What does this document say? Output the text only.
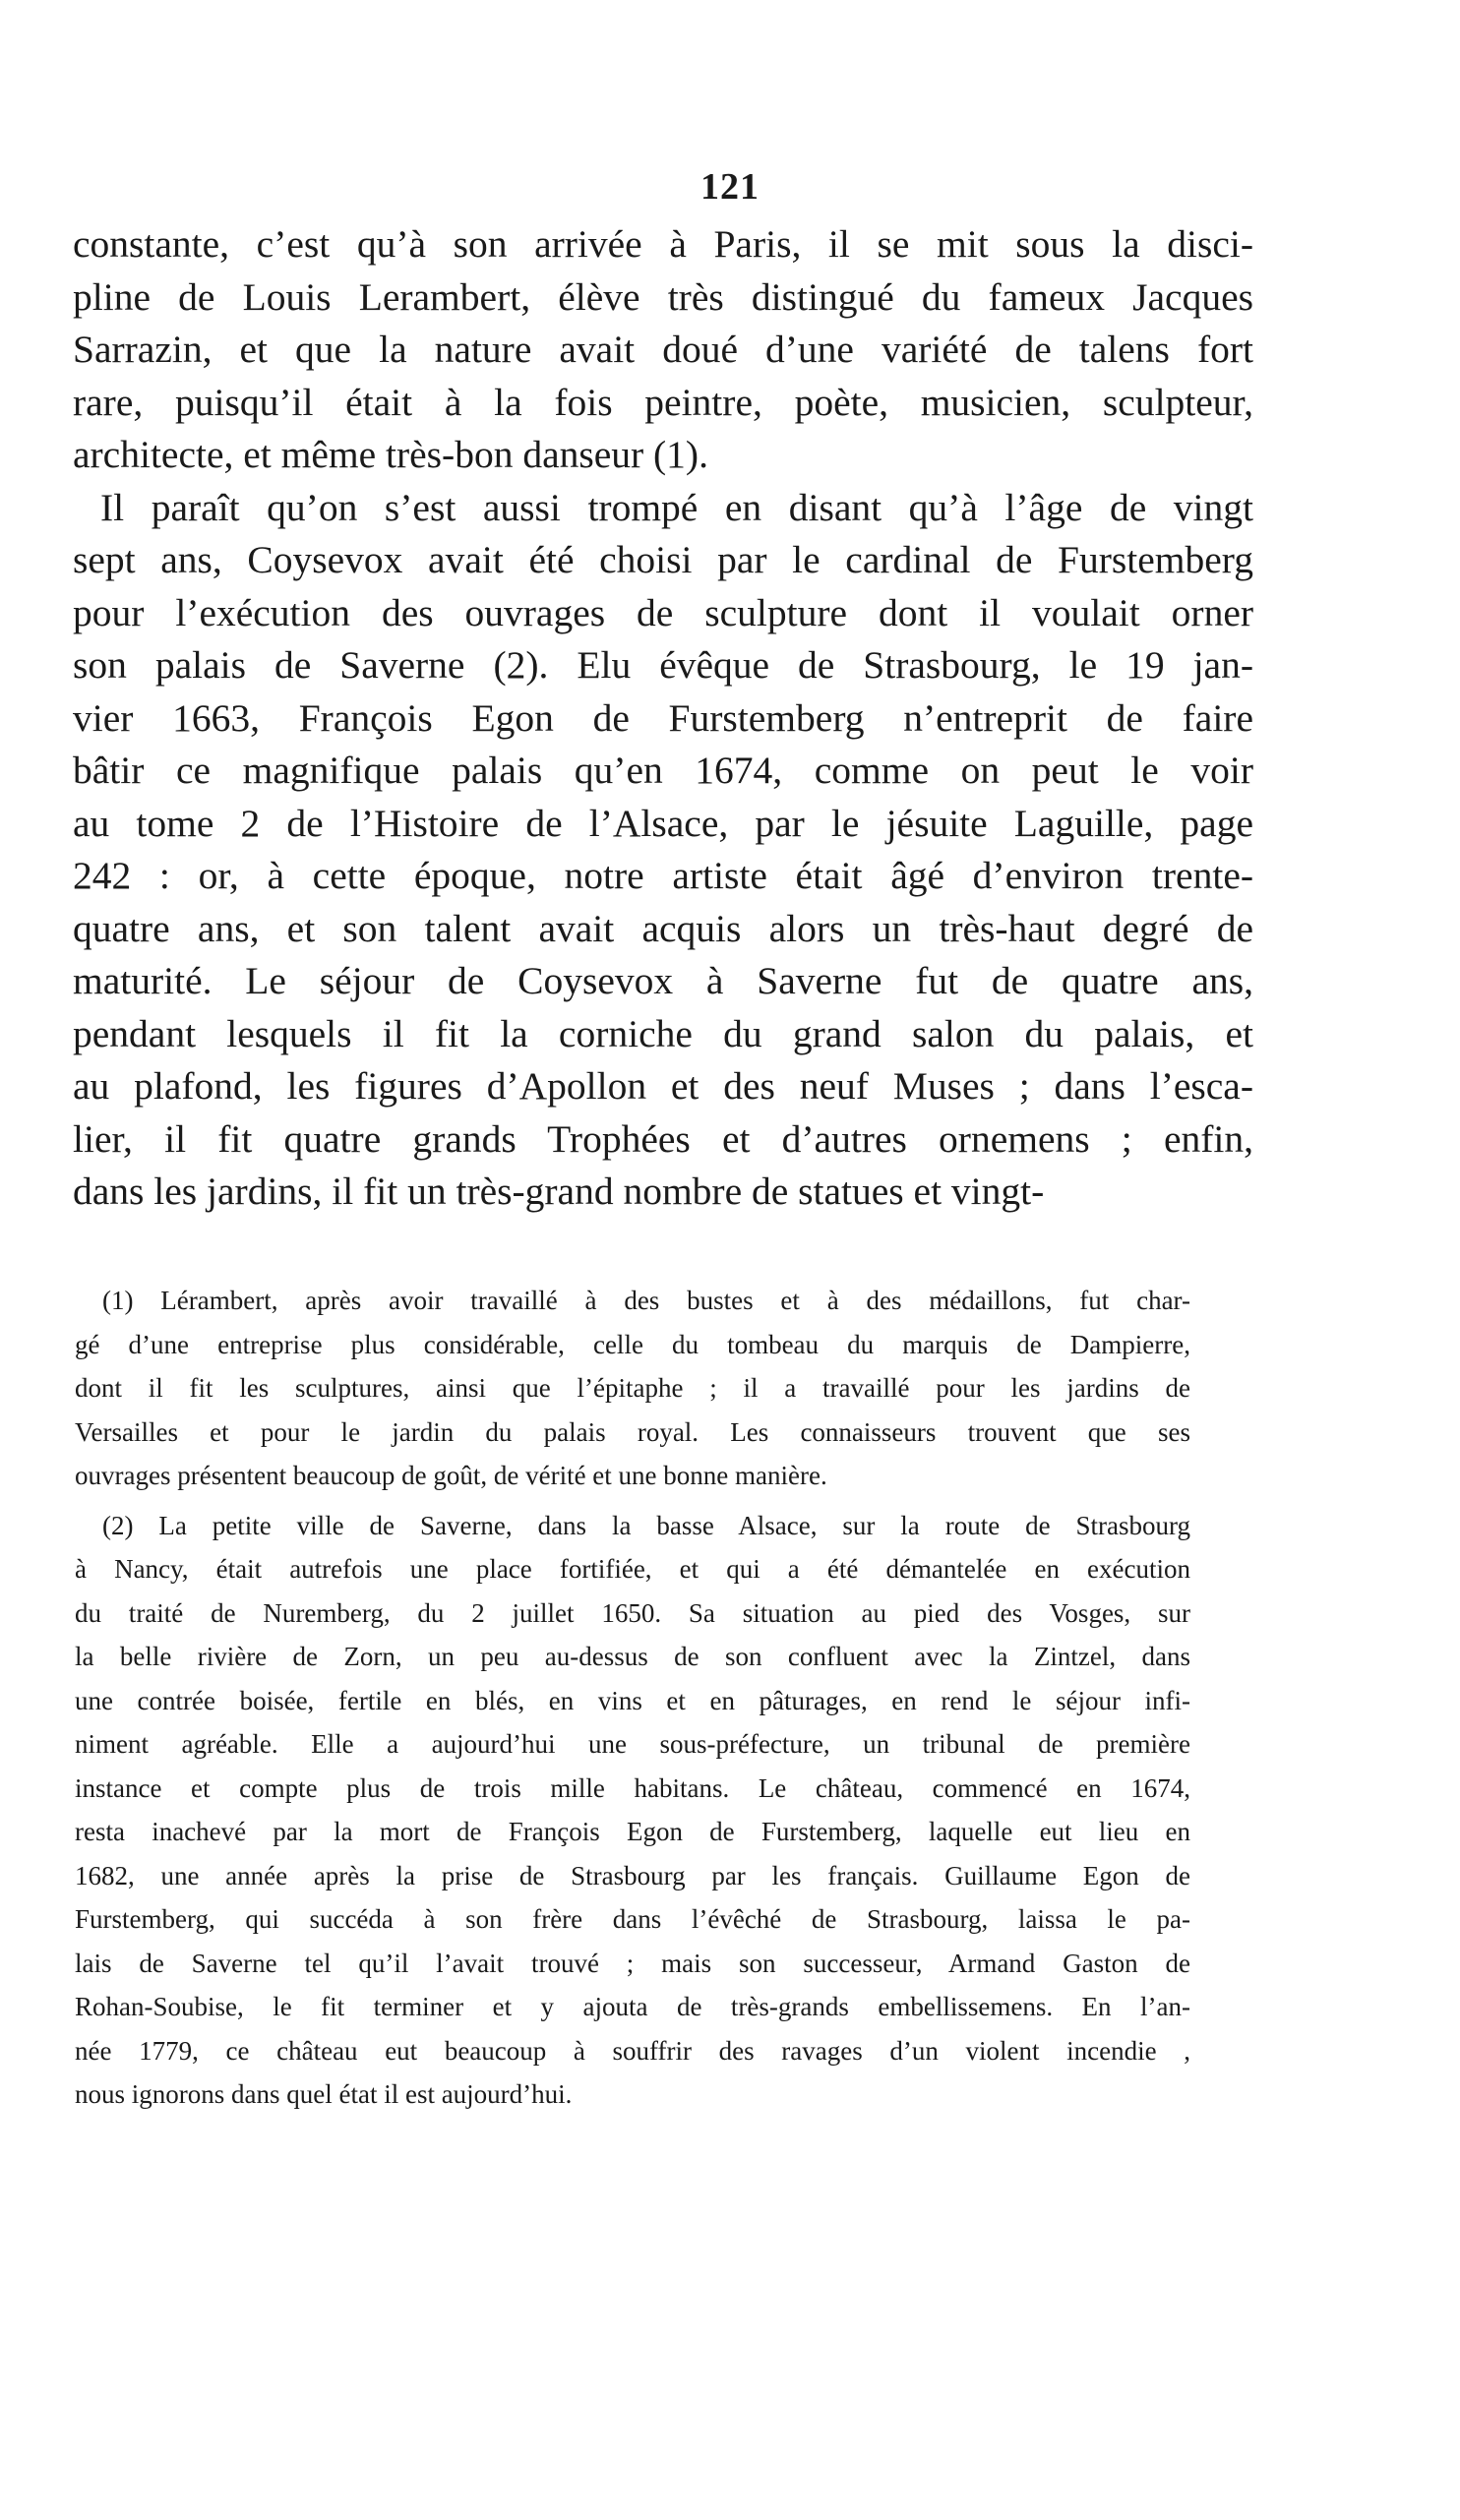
121
constante, c’est qu’à son arrivée à Paris, il se mit sous la disci-
pline de Louis Lerambert, élève très distingué du fameux Jacques
Sarrazin, et que la nature avait doué d’une variété de talens fort
rare, puisqu’il était à la fois peintre, poète, musicien, sculpteur,
architecte, et même très-bon danseur (1).
Il paraît qu’on s’est aussi trompé en disant qu’à l’âge de vingt
sept ans, Coysevox avait été choisi par le cardinal de Furstemberg
pour l’exécution des ouvrages de sculpture dont il voulait orner
son palais de Saverne (2). Elu évêque de Strasbourg, le 19 jan-
vier 1663, François Egon de Furstemberg n’entreprit de faire
bâtir ce magnifique palais qu’en 1674, comme on peut le voir
au tome 2 de l’Histoire de l’Alsace, par le jésuite Laguille, page
242 : or, à cette époque, notre artiste était âgé d’environ trente-
quatre ans, et son talent avait acquis alors un très-haut degré de
maturité. Le séjour de Coysevox à Saverne fut de quatre ans,
pendant lesquels il fit la corniche du grand salon du palais, et
au plafond, les figures d’Apollon et des neuf Muses ; dans l’esca-
lier, il fit quatre grands Trophées et d’autres ornemens ; enfin,
dans les jardins, il fit un très-grand nombre de statues et vingt-
(1) Lérambert, après avoir travaillé à des bustes et à des médaillons, fut char-
gé d’une entreprise plus considérable, celle du tombeau du marquis de Dampierre,
dont il fit les sculptures, ainsi que l’épitaphe ; il a travaillé pour les jardins de
Versailles et pour le jardin du palais royal. Les connaisseurs trouvent que ses
ouvrages présentent beaucoup de goût, de vérité et une bonne manière.
(2) La petite ville de Saverne, dans la basse Alsace, sur la route de Strasbourg
à Nancy, était autrefois une place fortifiée, et qui a été démantelée en exécution
du traité de Nuremberg, du 2 juillet 1650. Sa situation au pied des Vosges, sur
la belle rivière de Zorn, un peu au-dessus de son confluent avec la Zintzel, dans
une contrée boisée, fertile en blés, en vins et en pâturages, en rend le séjour infi-
niment agréable. Elle a aujourd’hui une sous-préfecture, un tribunal de première
instance et compte plus de trois mille habitans. Le château, commencé en 1674,
resta inachevé par la mort de François Egon de Furstemberg, laquelle eut lieu en
1682, une année après la prise de Strasbourg par les français. Guillaume Egon de
Furstemberg, qui succéda à son frère dans l’évêché de Strasbourg, laissa le pa-
lais de Saverne tel qu’il l’avait trouvé ; mais son successeur, Armand Gaston de
Rohan-Soubise, le fit terminer et y ajouta de très-grands embellissemens. En l’an-
née 1779, ce château eut beaucoup à souffrir des ravages d’un violent incendie ,
nous ignorons dans quel état il est aujourd’hui.
